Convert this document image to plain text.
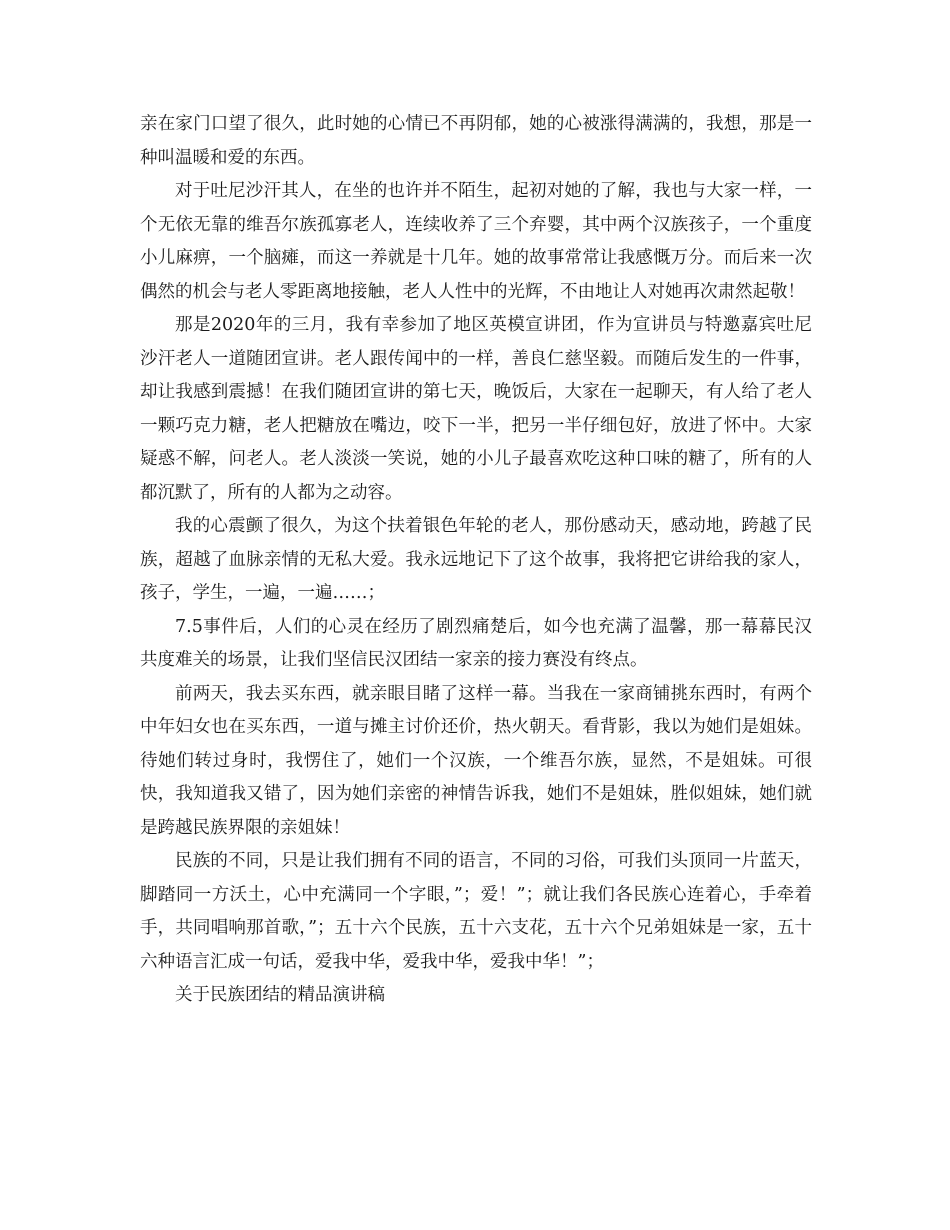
亲在家门口望了很久，此时她的心情已不再阴郁，她的心被涨得满满的，我想，那是一种叫温暖和爱的东西。

对于吐尼沙汗其人，在坐的也许并不陌生，起初对她的了解，我也与大家一样，一个无依无靠的维吾尔族孤寡老人，连续收养了三个弃婴，其中两个汉族孩子，一个重度小儿麻痹，一个脑瘫，而这一养就是十几年。她的故事常常让我感慨万分。而后来一次偶然的机会与老人零距离地接触，老人人性中的光辉，不由地让人对她再次肃然起敬！

那是2020年的三月，我有幸参加了地区英模宣讲团，作为宣讲员与特邀嘉宾吐尼沙汗老人一道随团宣讲。老人跟传闻中的一样，善良仁慈坚毅。而随后发生的一件事，却让我感到震撼！在我们随团宣讲的第七天，晚饭后，大家在一起聊天，有人给了老人一颗巧克力糖，老人把糖放在嘴边，咬下一半，把另一半仔细包好，放进了怀中。大家疑惑不解，问老人。老人淡淡一笑说，她的小儿子最喜欢吃这种口味的糖了，所有的人都沉默了，所有的人都为之动容。

我的心震颤了很久，为这个扶着银色年轮的老人，那份感动天，感动地，跨越了民族，超越了血脉亲情的无私大爱。我永远地记下了这个故事，我将把它讲给我的家人，孩子，学生，一遍，一遍……；

7.5事件后，人们的心灵在经历了剧烈痛楚后，如今也充满了温馨，那一幕幕民汉共度难关的场景，让我们坚信民汉团结一家亲的接力赛没有终点。

前两天，我去买东西，就亲眼目睹了这样一幕。当我在一家商铺挑东西时，有两个中年妇女也在买东西，一道与摊主讨价还价，热火朝天。看背影，我以为她们是姐妹。待她们转过身时，我愣住了，她们一个汉族，一个维吾尔族，显然，不是姐妹。可很快，我知道我又错了，因为她们亲密的神情告诉我，她们不是姐妹，胜似姐妹，她们就是跨越民族界限的亲姐妹！

民族的不同，只是让我们拥有不同的语言，不同的习俗，可我们头顶同一片蓝天，脚踏同一方沃土，心中充满同一个字眼，”；爱！”；就让我们各民族心连着心，手牵着手，共同唱响那首歌，”；五十六个民族，五十六支花，五十六个兄弟姐妹是一家，五十六种语言汇成一句话，爱我中华，爱我中华，爱我中华！”；

关于民族团结的精品演讲稿
